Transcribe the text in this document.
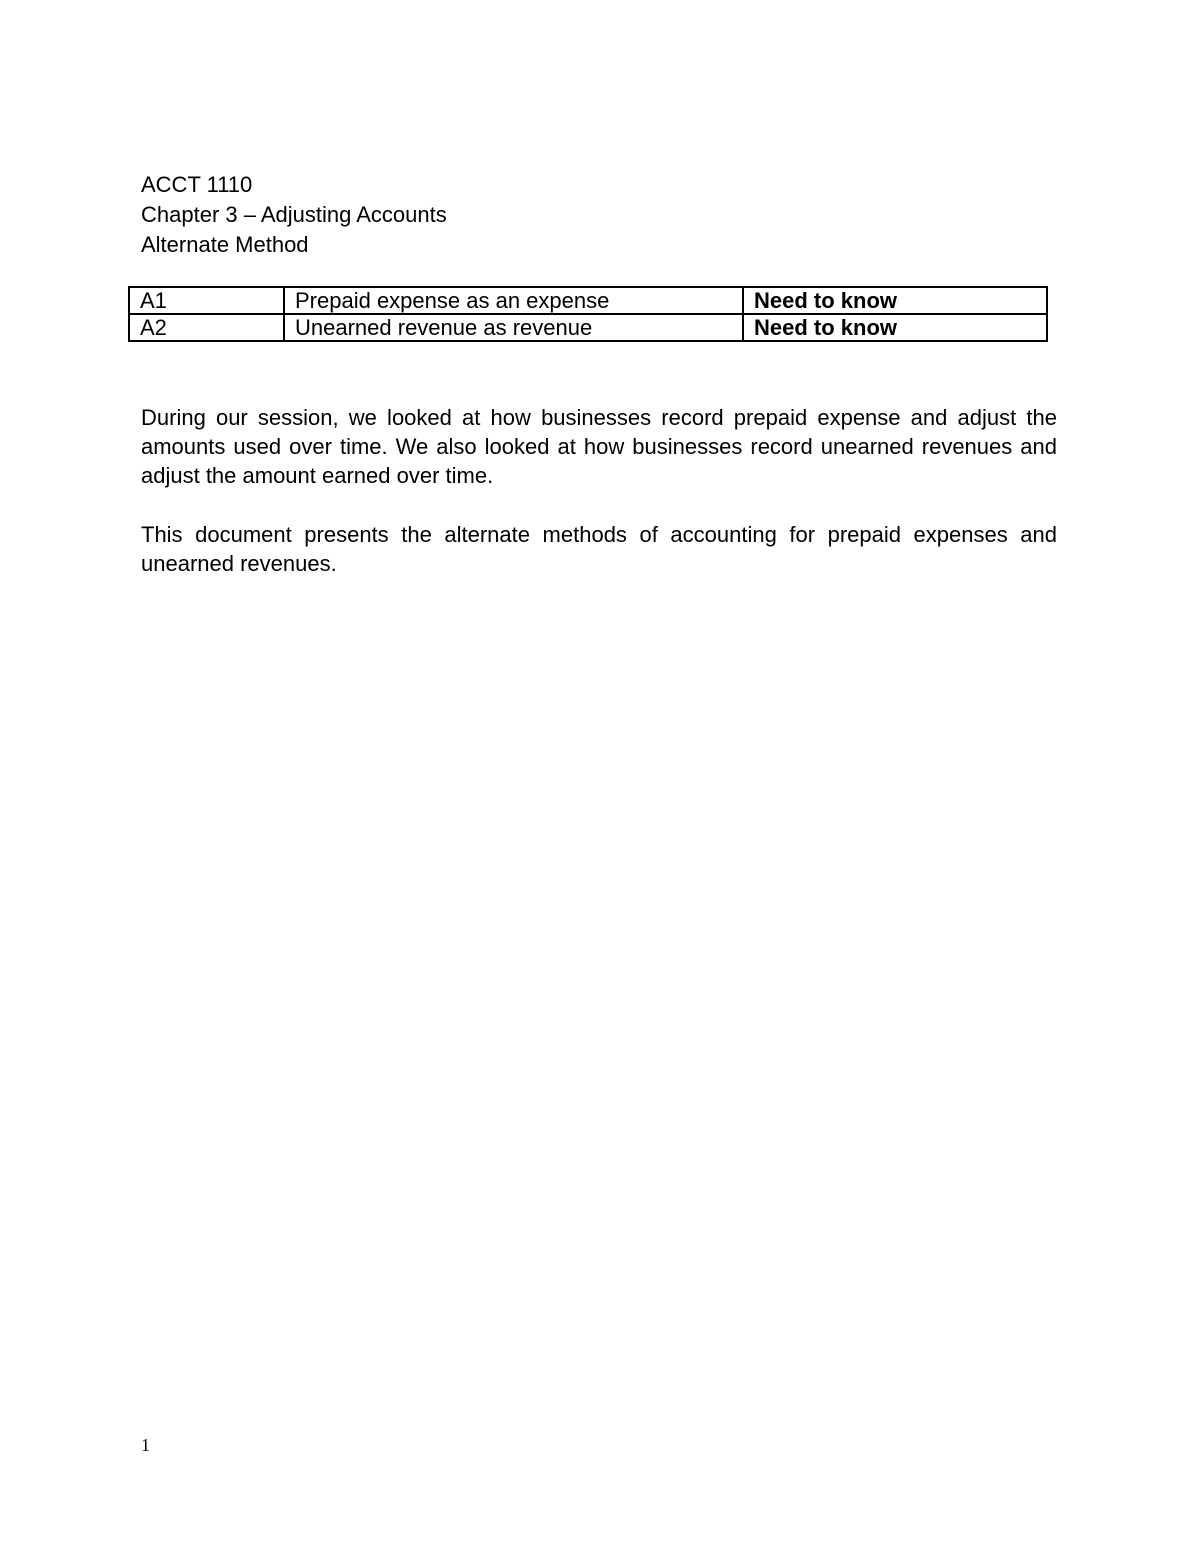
ACCT 1110
Chapter 3 – Adjusting Accounts
Alternate Method
A1	Prepaid expense as an expense	Need to know
A2	Unearned revenue as revenue	Need to know

During our session, we looked at how businesses record prepaid expense and adjust the amounts used over time. We also looked at how businesses record unearned revenues and adjust the amount earned over time.

This document presents the alternate methods of accounting for prepaid expenses and unearned revenues.

1
